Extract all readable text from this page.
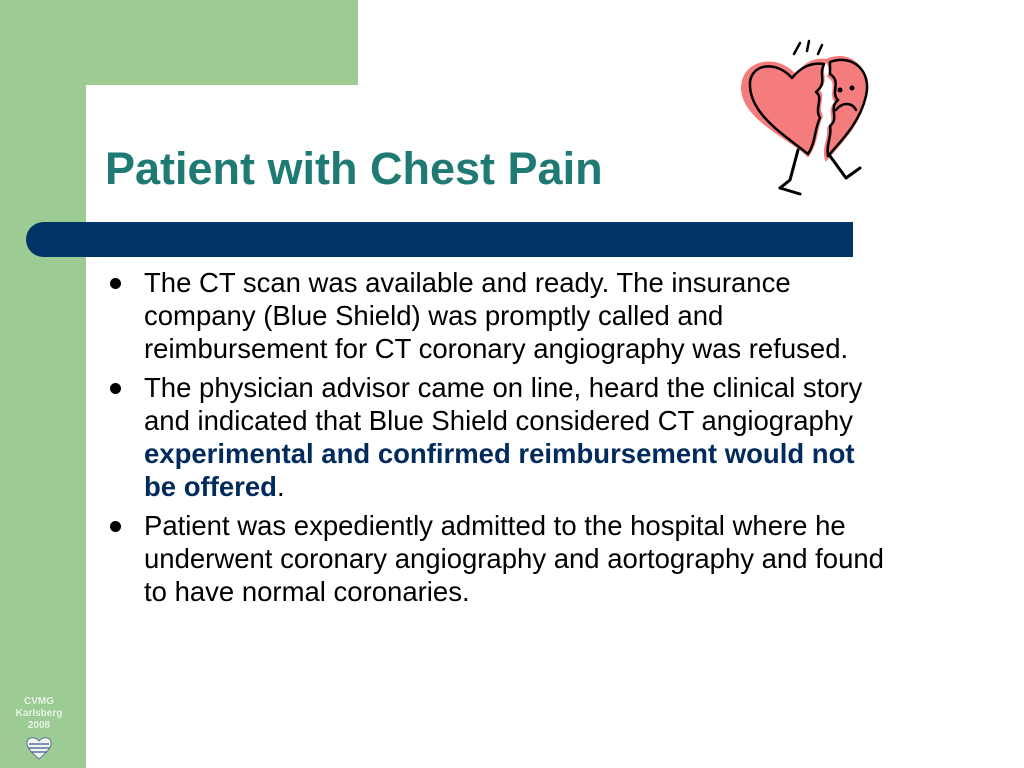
Patient with Chest Pain
The CT scan was available and ready. The insurance company (Blue Shield) was promptly called and reimbursement for CT coronary angiography was refused.
The physician advisor came on line, heard the clinical story and indicated that Blue Shield considered CT angiography experimental and confirmed reimbursement would not be offered.
Patient was expediently admitted to the hospital where he underwent coronary angiography and aortography and found to have normal coronaries.
CVMG
Karlsberg
2008
